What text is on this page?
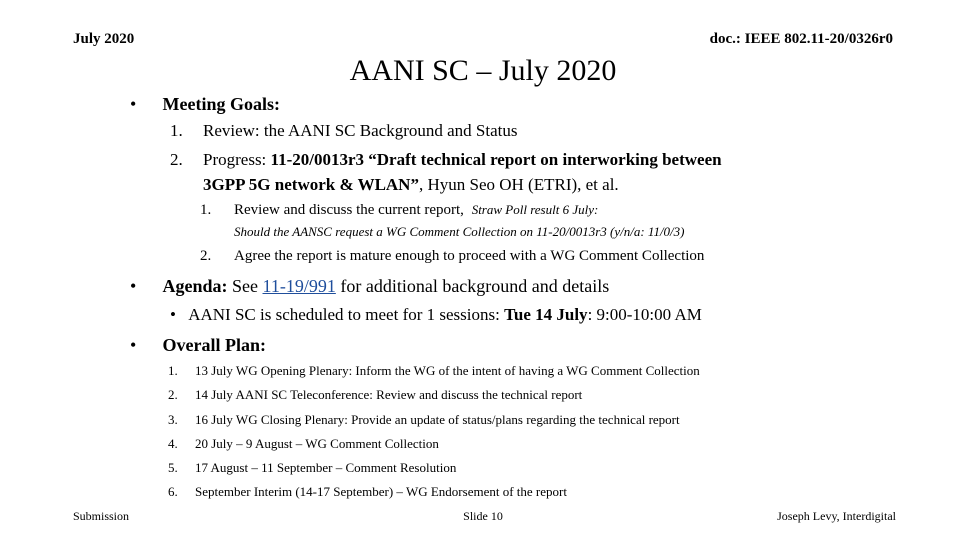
July 2020	doc.: IEEE 802.11-20/0326r0
AANI SC – July 2020
• Meeting Goals:
1. Review: the AANI SC Background and Status
2. Progress: 11-20/0013r3 “Draft technical report on interworking between
3GPP 5G network & WLAN”, Hyun Seo OH (ETRI), et al.
1. Review and discuss the current report, Straw Poll result 6 July:
Should the AANSC request a WG Comment Collection on 11-20/0013r3 (y/n/a: 11/0/3)
2. Agree the report is mature enough to proceed with a WG Comment Collection
• Agenda: See 11-19/991 for additional background and details
• AANI SC is scheduled to meet for 1 sessions: Tue 14 July: 9:00-10:00 AM
• Overall Plan:
1. 13 July WG Opening Plenary: Inform the WG of the intent of having a WG Comment Collection
2. 14 July AANI SC Teleconference: Review and discuss the technical report
3. 16 July WG Closing Plenary: Provide an update of status/plans regarding the technical report
4. 20 July – 9 August – WG Comment Collection
5. 17 August – 11 September – Comment Resolution
6. September Interim (14-17 September) – WG Endorsement of the report
Submission	Slide 10	Joseph Levy, Interdigital
